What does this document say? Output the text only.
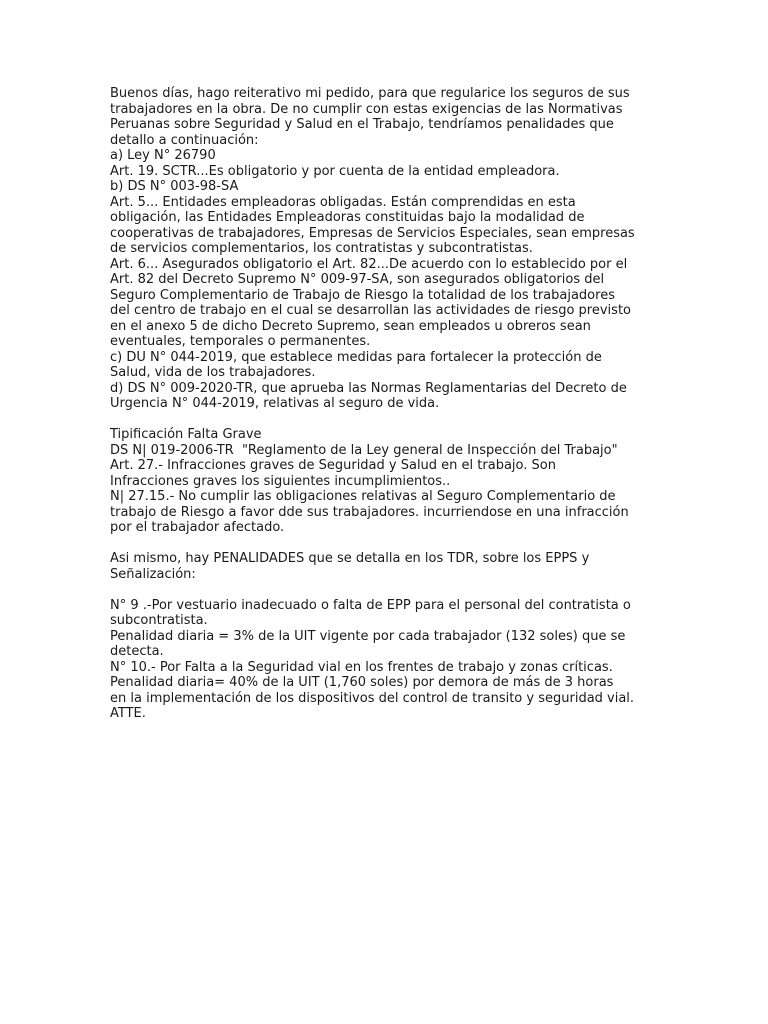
Buenos días, hago reiterativo mi pedido, para que regularice los seguros de sus
trabajadores en la obra. De no cumplir con estas exigencias de las Normativas
Peruanas sobre Seguridad y Salud en el Trabajo, tendríamos penalidades que
detallo a continuación:
a) Ley N° 26790
Art. 19. SCTR...Es obligatorio y por cuenta de la entidad empleadora.
b) DS N° 003-98-SA
Art. 5... Entidades empleadoras obligadas. Están comprendidas en esta
obligación, las Entidades Empleadoras constituidas bajo la modalidad de
cooperativas de trabajadores, Empresas de Servicios Especiales, sean empresas
de servicios complementarios, los contratistas y subcontratistas.
Art. 6... Asegurados obligatorio el Art. 82...De acuerdo con lo establecido por el
Art. 82 del Decreto Supremo N° 009-97-SA, son asegurados obligatorios del
Seguro Complementario de Trabajo de Riesgo la totalidad de los trabajadores
del centro de trabajo en el cual se desarrollan las actividades de riesgo previsto
en el anexo 5 de dicho Decreto Supremo, sean empleados u obreros sean
eventuales, temporales o permanentes.
c) DU N° 044-2019, que establece medidas para fortalecer la protección de
Salud, vida de los trabajadores.
d) DS N° 009-2020-TR, que aprueba las Normas Reglamentarias del Decreto de
Urgencia N° 044-2019, relativas al seguro de vida.
Tipificación Falta Grave
DS N| 019-2006-TR  "Reglamento de la Ley general de Inspección del Trabajo"
Art. 27.- Infracciones graves de Seguridad y Salud en el trabajo. Son
Infracciones graves los siguientes incumplimientos..
N| 27.15.- No cumplir las obligaciones relativas al Seguro Complementario de
trabajo de Riesgo a favor dde sus trabajadores. incurriendose en una infracción
por el trabajador afectado.
Asi mismo, hay PENALIDADES que se detalla en los TDR, sobre los EPPS y
Señalización:
N° 9 .-Por vestuario inadecuado o falta de EPP para el personal del contratista o
subcontratista.
Penalidad diaria = 3% de la UIT vigente por cada trabajador (132 soles) que se
detecta.
N° 10.- Por Falta a la Seguridad vial en los frentes de trabajo y zonas críticas.
Penalidad diaria= 40% de la UIT (1,760 soles) por demora de más de 3 horas
en la implementación de los dispositivos del control de transito y seguridad vial.
ATTE.
